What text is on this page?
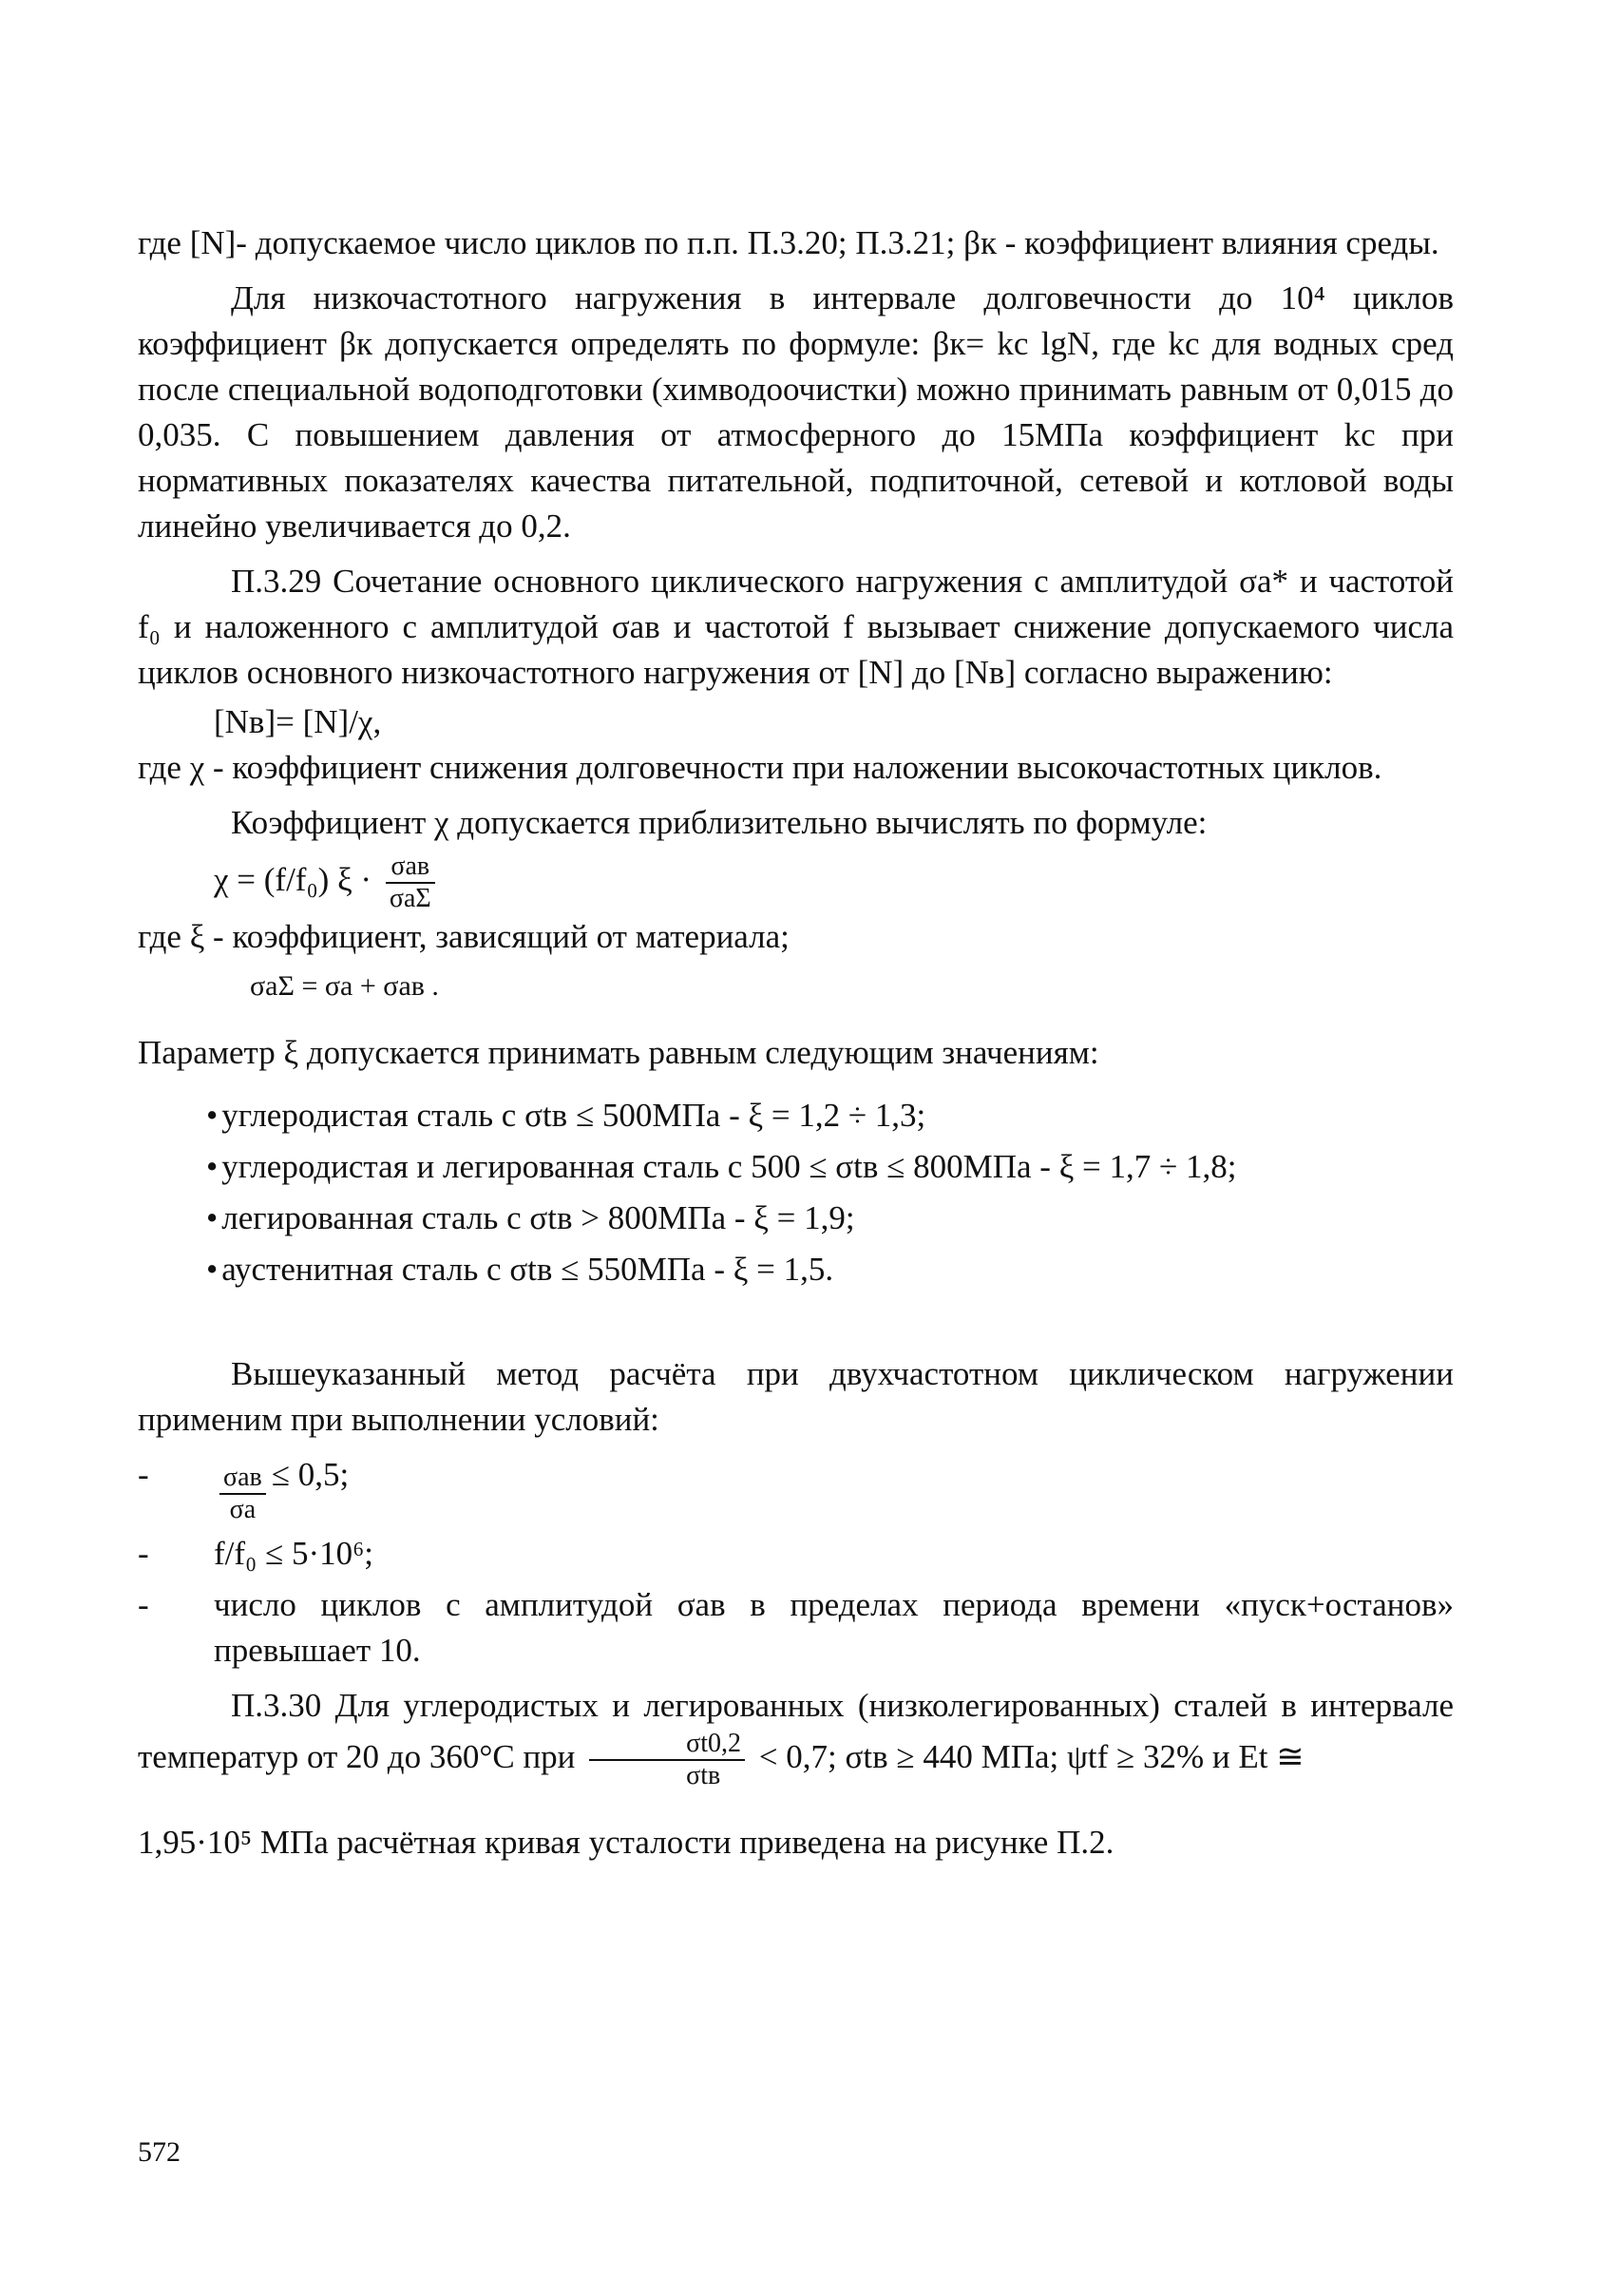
где [N]- допускаемое число циклов по п.п. П.3.20; П.3.21; βк - коэффициент влияния среды.

Для низкочастотного нагружения в интервале долговечности до 10⁴ циклов коэффициент βк допускается определять по формуле: βк= kс lgN, где kс для водных сред после специальной водоподготовки (химводоочистки) можно принимать равным от 0,015 до 0,035. С повышением давления от атмосферного до 15МПа коэффициент kс при нормативных показателях качества питательной, подпиточной, сетевой и котловой воды линейно увеличивается до 0,2.

П.3.29 Сочетание основного циклического нагружения с амплитудой σa* и частотой f₀ и наложенного с амплитудой σaв и частотой f вызывает снижение допускаемого числа циклов основного низкочастотного нагружения от [N] до [Nв] согласно выражению:

[Nв]= [N]/χ,

где χ - коэффициент снижения долговечности при наложении высокочастотных циклов.

Коэффициент χ допускается приблизительно вычислять по формуле:

χ = (f/f₀) $\xi \cdot \frac{\text{σaв}}{\text{σaΣ}}$

где ξ - коэффициент, зависящий от материала;

σaΣ = σa + σaв .

Параметр ξ допускается принимать равным следующим значениям:

• углеродистая сталь с σtв ≤ 500МПа - ξ = 1,2 ÷ 1,3;
• углеродистая и легированная сталь с 500 ≤ σtв ≤ 800МПа - ξ = 1,7 ÷ 1,8;
• легированная сталь с σtв > 800МПа - ξ = 1,9;
• аустенитная сталь с σtв ≤ 550МПа - ξ = 1,5.

Вышеуказанный метод расчёта при двухчастотном циклическом нагружении применим при выполнении условий:

-	$\frac{\text{σaв}}{\sigma a} \le 0,5$;
-	f/f₀ ≤ 5·10⁶;
-	число циклов с амплитудой σaв в пределах периода времени «пуск+останов» превышает 10.

П.3.30 Для углеродистых и легированных (низколегированных) сталей в интервале температур от 20 до 360°С при $\frac{\sigma t0,2}{\text{σtв}} < 0,7$; σtв ≥ 440 МПа; ψtf ≥ 32% и Et ≅

1,95·10⁵ МПа расчётная кривая усталости приведена на рисунке П.2.

572
